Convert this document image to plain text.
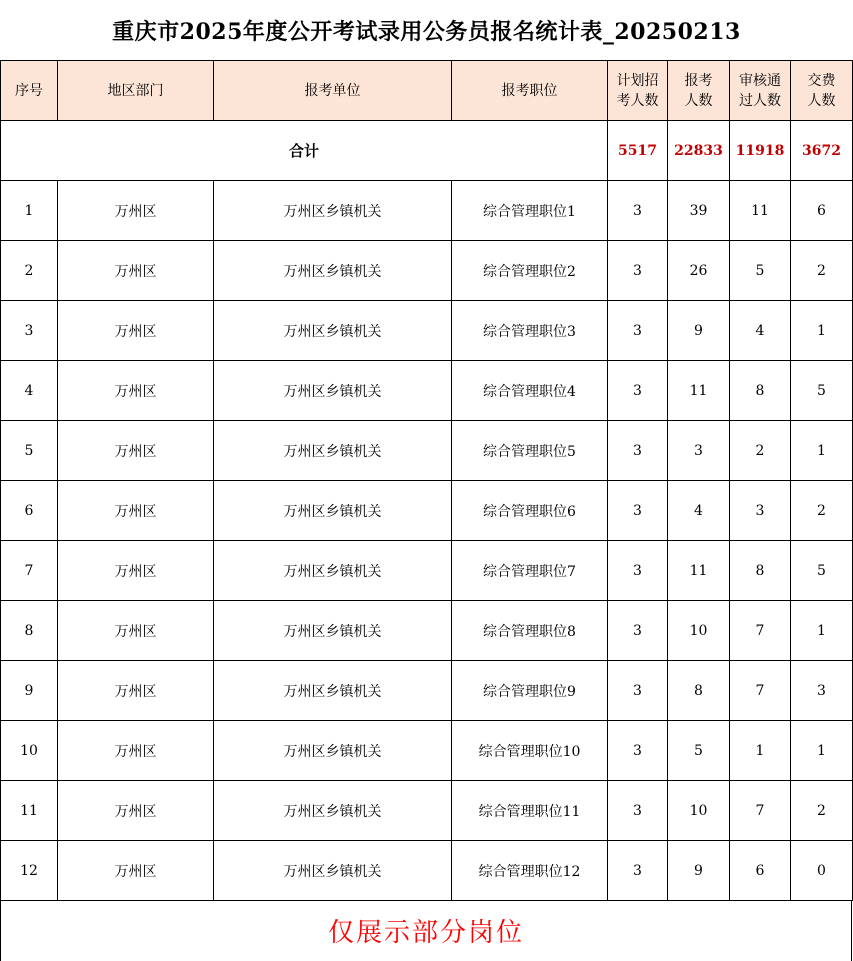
重庆市2025年度公开考试录用公务员报名统计表_20250213
序号	地区部门	报考单位	报考职位	计划招考人数	报考人数	审核通过人数	交费人数
合计				5517	22833	11918	3672
1	万州区	万州区乡镇机关	综合管理职位1	3	39	11	6
2	万州区	万州区乡镇机关	综合管理职位2	3	26	5	2
3	万州区	万州区乡镇机关	综合管理职位3	3	9	4	1
4	万州区	万州区乡镇机关	综合管理职位4	3	11	8	5
5	万州区	万州区乡镇机关	综合管理职位5	3	3	2	1
6	万州区	万州区乡镇机关	综合管理职位6	3	4	3	2
7	万州区	万州区乡镇机关	综合管理职位7	3	11	8	5
8	万州区	万州区乡镇机关	综合管理职位8	3	10	7	1
9	万州区	万州区乡镇机关	综合管理职位9	3	8	7	3
10	万州区	万州区乡镇机关	综合管理职位10	3	5	1	1
11	万州区	万州区乡镇机关	综合管理职位11	3	10	7	2
12	万州区	万州区乡镇机关	综合管理职位12	3	9	6	0
仅展示部分岗位
